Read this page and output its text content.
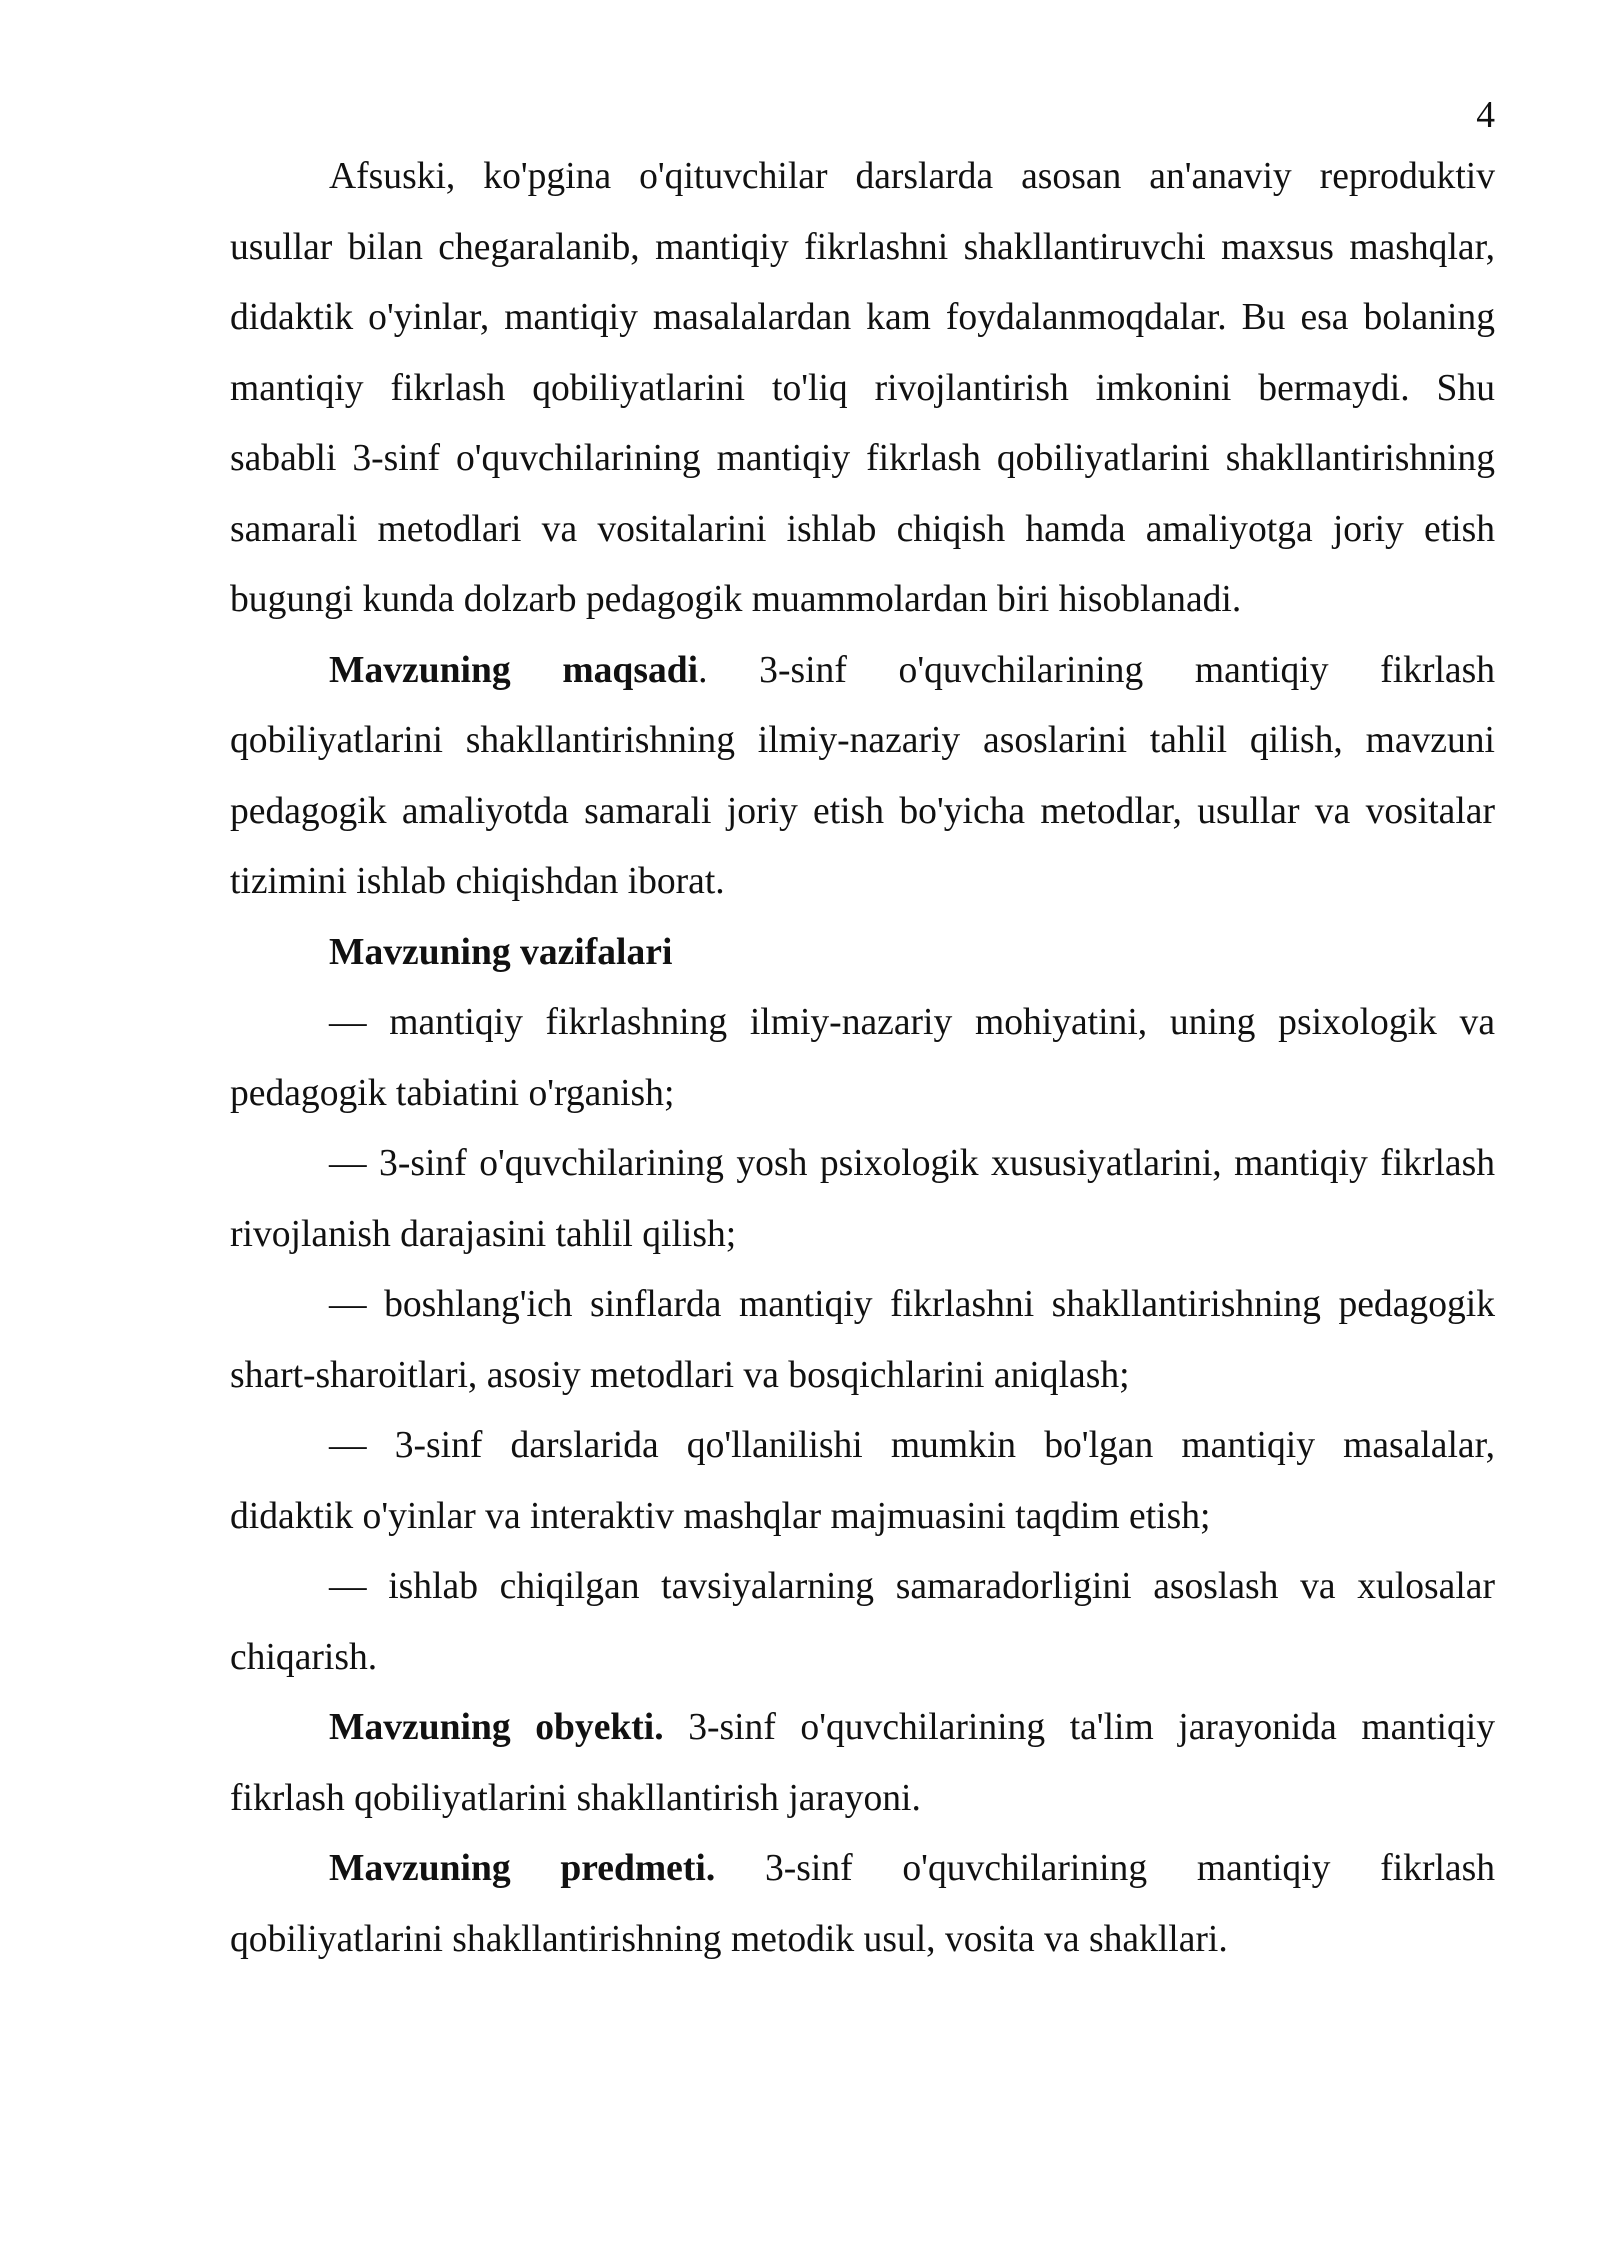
4
Afsuski, ko'pgina o'qituvchilar darslarda asosan an'anaviy reproduktiv
usullar bilan chegaralanib, mantiqiy fikrlashni shakllantiruvchi maxsus mashqlar,
didaktik o'yinlar, mantiqiy masalalardan kam foydalanmoqdalar. Bu esa bolaning
mantiqiy fikrlash qobiliyatlarini to'liq rivojlantirish imkonini bermaydi. Shu
sababli 3-sinf o'quvchilarining mantiqiy fikrlash qobiliyatlarini shakllantirishning
samarali metodlari va vositalarini ishlab chiqish hamda amaliyotga joriy etish
bugungi kunda dolzarb pedagogik muammolardan biri hisoblanadi.
Mavzuning maqsadi. 3-sinf o'quvchilarining mantiqiy fikrlash
qobiliyatlarini shakllantirishning ilmiy-nazariy asoslarini tahlil qilish, mavzuni
pedagogik amaliyotda samarali joriy etish bo'yicha metodlar, usullar va vositalar
tizimini ishlab chiqishdan iborat.
Mavzuning vazifalari
— mantiqiy fikrlashning ilmiy-nazariy mohiyatini, uning psixologik va
pedagogik tabiatini o'rganish;
— 3-sinf o'quvchilarining yosh psixologik xususiyatlarini, mantiqiy fikrlash
rivojlanish darajasini tahlil qilish;
— boshlang'ich sinflarda mantiqiy fikrlashni shakllantirishning pedagogik
shart-sharoitlari, asosiy metodlari va bosqichlarini aniqlash;
— 3-sinf darslarida qo'llanilishi mumkin bo'lgan mantiqiy masalalar,
didaktik o'yinlar va interaktiv mashqlar majmuasini taqdim etish;
— ishlab chiqilgan tavsiyalarning samaradorligini asoslash va xulosalar
chiqarish.
Mavzuning obyekti. 3-sinf o'quvchilarining ta'lim jarayonida mantiqiy
fikrlash qobiliyatlarini shakllantirish jarayoni.
Mavzuning predmeti. 3-sinf o'quvchilarining mantiqiy fikrlash
qobiliyatlarini shakllantirishning metodik usul, vosita va shakllari.
